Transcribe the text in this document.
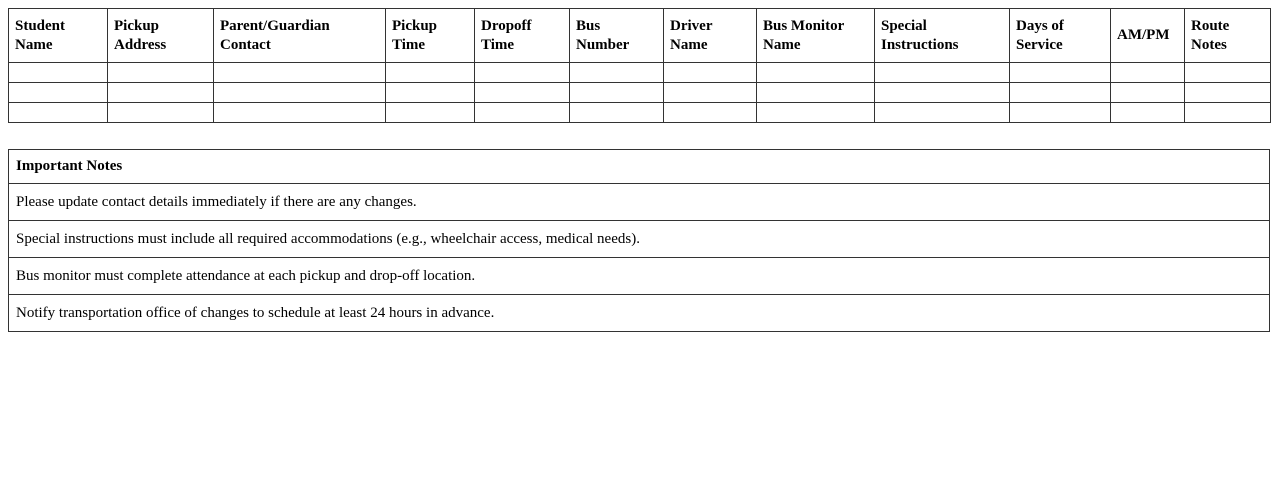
Student Name	Pickup Address	Parent/Guardian Contact	Pickup Time	Dropoff Time	Bus Number	Driver Name	Bus Monitor Name	Special Instructions	Days of Service	AM/PM	Route Notes

Important Notes
Please update contact details immediately if there are any changes.
Special instructions must include all required accommodations (e.g., wheelchair access, medical needs).
Bus monitor must complete attendance at each pickup and drop-off location.
Notify transportation office of changes to schedule at least 24 hours in advance.
